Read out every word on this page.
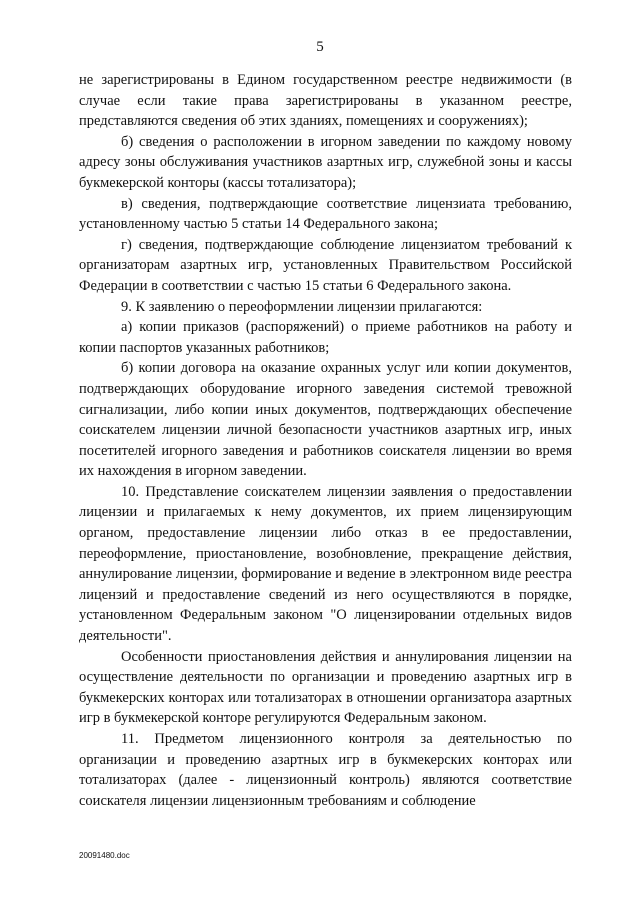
5

не зарегистрированы в Едином государственном реестре недвижимости (в случае если такие права зарегистрированы в указанном реестре, представляются сведения об этих зданиях, помещениях и сооружениях);

б) сведения о расположении в игорном заведении по каждому новому адресу зоны обслуживания участников азартных игр, служебной зоны и кассы букмекерской конторы (кассы тотализатора);

в) сведения, подтверждающие соответствие лицензиата требованию, установленному частью 5 статьи 14 Федерального закона;

г) сведения, подтверждающие соблюдение лицензиатом требований к организаторам азартных игр, установленных Правительством Российской Федерации в соответствии с частью 15 статьи 6 Федерального закона.

9. К заявлению о переоформлении лицензии прилагаются:

а) копии приказов (распоряжений) о приеме работников на работу и копии паспортов указанных работников;

б) копии договора на оказание охранных услуг или копии документов, подтверждающих оборудование игорного заведения системой тревожной сигнализации, либо копии иных документов, подтверждающих обеспечение соискателем лицензии личной безопасности участников азартных игр, иных посетителей игорного заведения и работников соискателя лицензии во время их нахождения в игорном заведении.

10. Представление соискателем лицензии заявления о предоставлении лицензии и прилагаемых к нему документов, их прием лицензирующим органом, предоставление лицензии либо отказ в ее предоставлении, переоформление, приостановление, возобновление, прекращение действия, аннулирование лицензии, формирование и ведение в электронном виде реестра лицензий и предоставление сведений из него осуществляются в порядке, установленном Федеральным законом "О лицензировании отдельных видов деятельности".

Особенности приостановления действия и аннулирования лицензии на осуществление деятельности по организации и проведению азартных игр в букмекерских конторах или тотализаторах в отношении организатора азартных игр в букмекерской конторе регулируются Федеральным законом.

11. Предметом лицензионного контроля за деятельностью по организации и проведению азартных игр в букмекерских конторах или тотализаторах (далее - лицензионный контроль) являются соответствие соискателя лицензии лицензионным требованиям и соблюдение

20091480.doc
